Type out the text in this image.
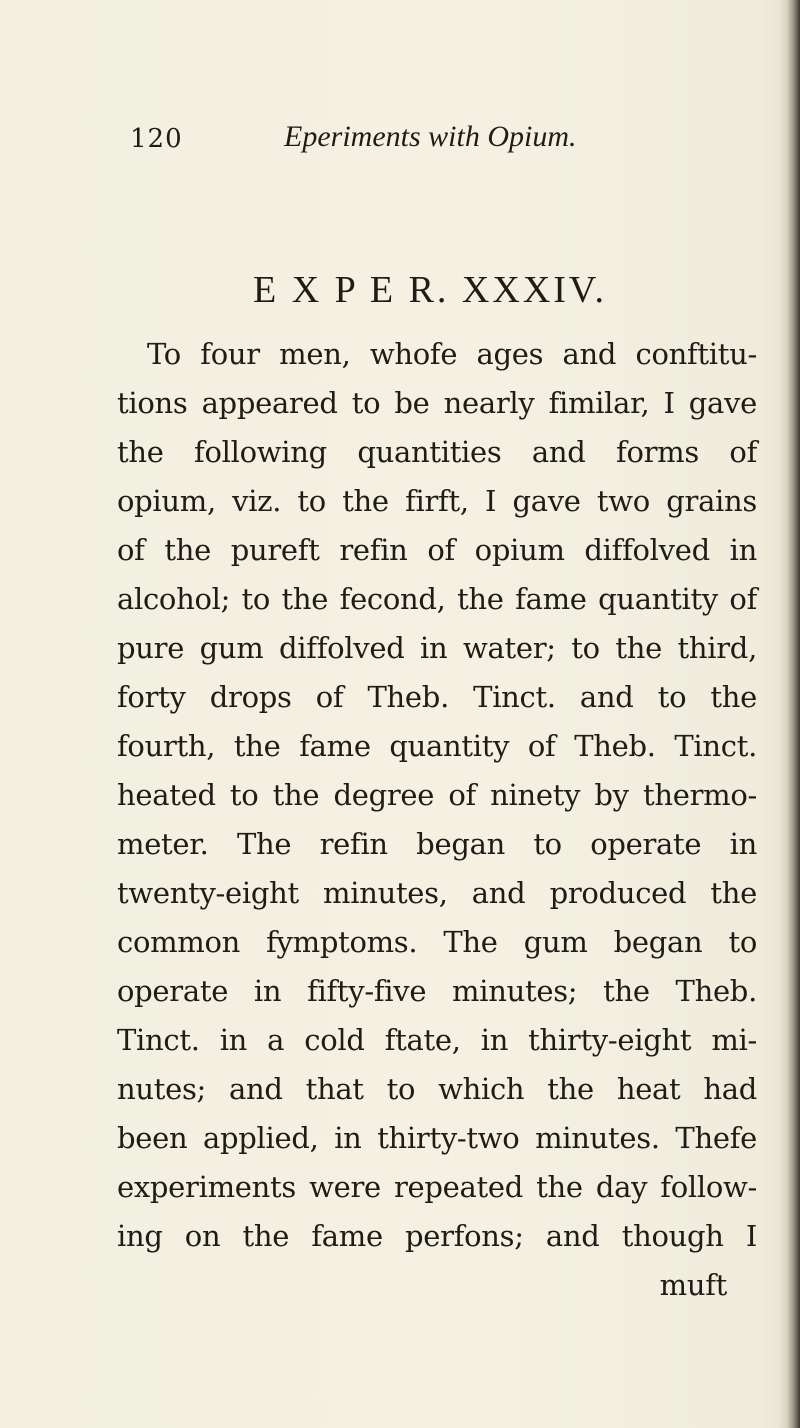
120	Eperiments with Opium.
E X P E R. XXXIV.
To four men, whofe ages and conftitu-
tions appeared to be nearly fimilar, I gave
the following quantities and forms of
opium, viz. to the firft, I gave two grains
of the pureft refin of opium diffolved in
alcohol; to the fecond, the fame quantity of
pure gum diffolved in water; to the third,
forty drops of Theb. Tinct. and to the
fourth, the fame quantity of Theb. Tinct.
heated to the degree of ninety by thermo-
meter. The refin began to operate in
twenty-eight minutes, and produced the
common fymptoms. The gum began to
operate in fifty-five minutes; the Theb.
Tinct. in a cold ftate, in thirty-eight mi-
nutes; and that to which the heat had
been applied, in thirty-two minutes. Thefe
experiments were repeated the day follow-
ing on the fame perfons; and though I
muft
